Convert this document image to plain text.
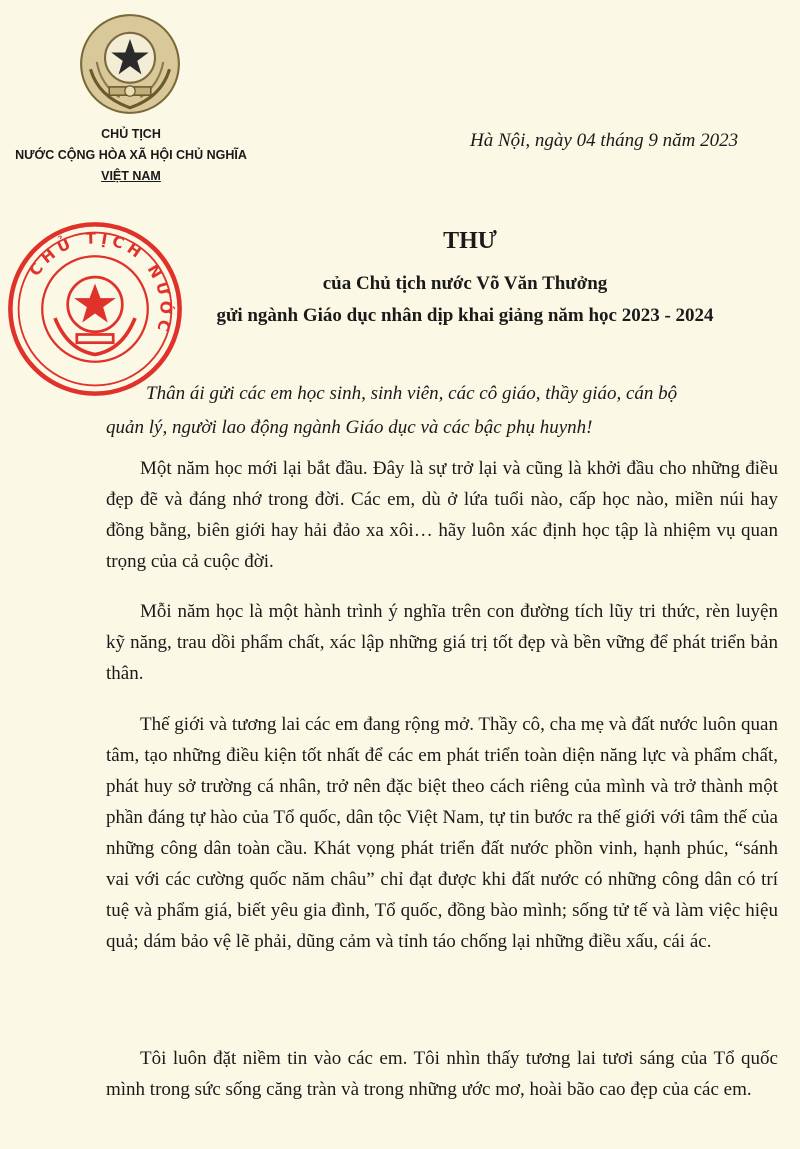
CHỦ TỊCH
NƯỚC CỘNG HÒA XÃ HỘI CHỦ NGHĨA
VIỆT NAM
Hà Nội, ngày 04 tháng 9 năm 2023
CHỦ TỊCH NƯỚC
THƯ
của Chủ tịch nước Võ Văn Thưởng
gửi ngành Giáo dục nhân dịp khai giảng năm học 2023 - 2024
Thân ái gửi các em học sinh, sinh viên, các cô giáo, thầy giáo, cán bộ
quản lý, người lao động ngành Giáo dục và các bậc phụ huynh!
Một năm học mới lại bắt đầu. Đây là sự trở lại và cũng là khởi đầu cho những điều đẹp đẽ và đáng nhớ trong đời. Các em, dù ở lứa tuổi nào, cấp học nào, miền núi hay đồng bằng, biên giới hay hải đảo xa xôi… hãy luôn xác định học tập là nhiệm vụ quan trọng của cả cuộc đời.
Mỗi năm học là một hành trình ý nghĩa trên con đường tích lũy tri thức, rèn luyện kỹ năng, trau dồi phẩm chất, xác lập những giá trị tốt đẹp và bền vững để phát triển bản thân.
Thế giới và tương lai các em đang rộng mở. Thầy cô, cha mẹ và đất nước luôn quan tâm, tạo những điều kiện tốt nhất để các em phát triển toàn diện năng lực và phẩm chất, phát huy sở trường cá nhân, trở nên đặc biệt theo cách riêng của mình và trở thành một phần đáng tự hào của Tổ quốc, dân tộc Việt Nam, tự tin bước ra thế giới với tâm thế của những công dân toàn cầu. Khát vọng phát triển đất nước phồn vinh, hạnh phúc, “sánh vai với các cường quốc năm châu” chỉ đạt được khi đất nước có những công dân có trí tuệ và phẩm giá, biết yêu gia đình, Tổ quốc, đồng bào mình; sống tử tế và làm việc hiệu quả; dám bảo vệ lẽ phải, dũng cảm và tỉnh táo chống lại những điều xấu, cái ác.
Tôi luôn đặt niềm tin vào các em. Tôi nhìn thấy tương lai tươi sáng của Tổ quốc mình trong sức sống căng tràn và trong những ước mơ, hoài bão cao đẹp của các em.
